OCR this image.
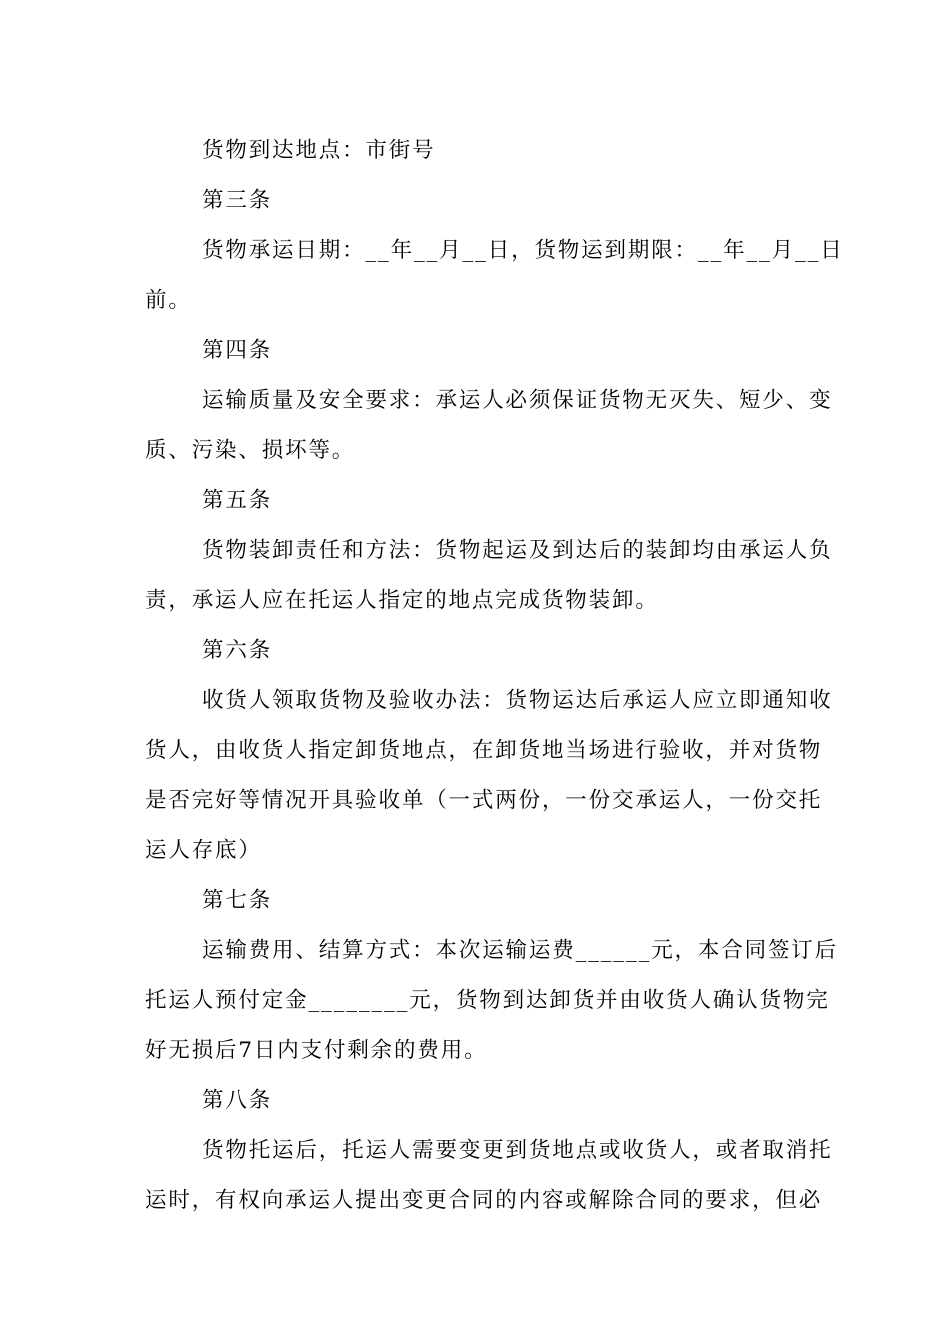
货物到达地点：市街号
第三条
货物承运日期：__年__月__日，货物运到期限：__年__月__日
前。
第四条
运输质量及安全要求：承运人必须保证货物无灭失、短少、变
质、污染、损坏等。
第五条
货物装卸责任和方法：货物起运及到达后的装卸均由承运人负
责，承运人应在托运人指定的地点完成货物装卸。
第六条
收货人领取货物及验收办法：货物运达后承运人应立即通知收
货人，由收货人指定卸货地点，在卸货地当场进行验收，并对货物
是否完好等情况开具验收单（一式两份，一份交承运人，一份交托
运人存底）
第七条
运输费用、结算方式：本次运输运费______元，本合同签订后
托运人预付定金________元，货物到达卸货并由收货人确认货物完
好无损后7日内支付剩余的费用。
第八条
货物托运后，托运人需要变更到货地点或收货人，或者取消托
运时，有权向承运人提出变更合同的内容或解除合同的要求，但必
